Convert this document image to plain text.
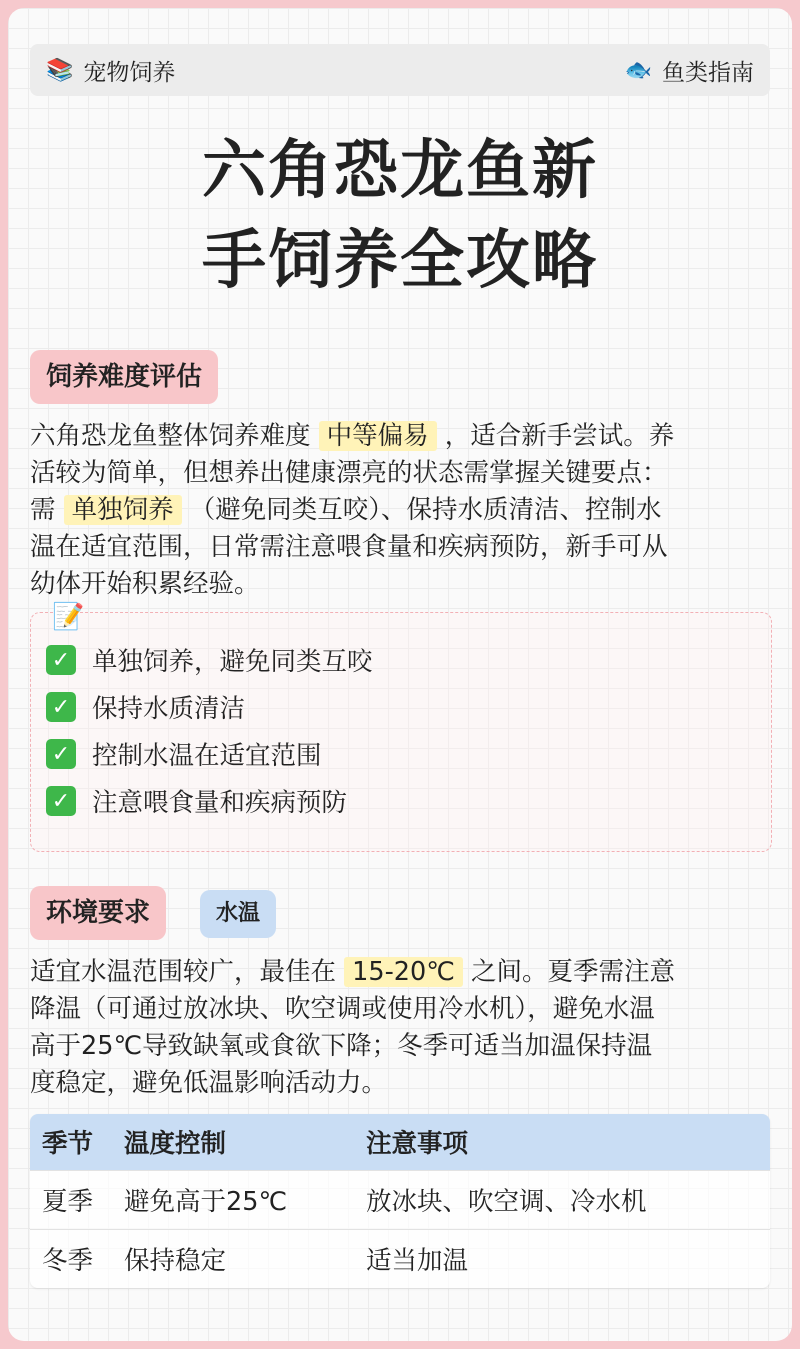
📚 宠物饲养	🐟 鱼类指南
六角恐龙鱼新
手饲养全攻略
饲养难度评估
六角恐龙鱼整体饲养难度 中等偏易 ，适合新手尝试。养
活较为简单，但想养出健康漂亮的状态需掌握关键要点：
需 单独饲养 （避免同类互咬）、保持水质清洁、控制水
温在适宜范围，日常需注意喂食量和疾病预防，新手可从
幼体开始积累经验。
📝
✓ 单独饲养，避免同类互咬
✓ 保持水质清洁
✓ 控制水温在适宜范围
✓ 注意喂食量和疾病预防
环境要求	水温
适宜水温范围较广，最佳在 15-20℃ 之间。夏季需注意
降温（可通过放冰块、吹空调或使用冷水机），避免水温
高于25℃导致缺氧或食欲下降；冬季可适当加温保持温
度稳定，避免低温影响活动力。
季节	温度控制	注意事项
夏季	避免高于25℃	放冰块、吹空调、冷水机
冬季	保持稳定	适当加温
